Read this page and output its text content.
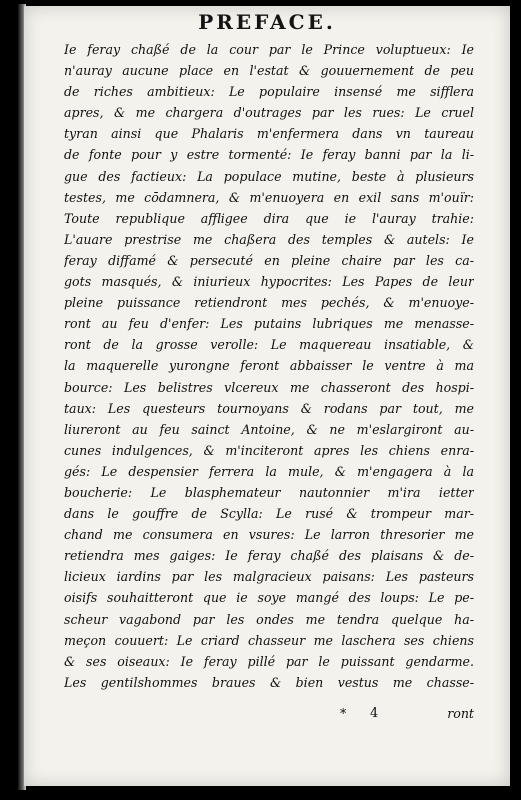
PREFACE.
Ie feray chaßé de la cour par le Prince voluptueux: Ie
n'auray aucune place en l'estat & gouuernement de peu
de riches ambitieux: Le populaire insensé me sifflera
apres, & me chargera d'outrages par les rues: Le cruel
tyran ainsi que Phalaris m'enfermera dans vn taureau
de fonte pour y estre tormenté: Ie feray banni par la li-
gue des factieux: La populace mutine, beste à plusieurs
testes, me cōdamnera, & m'enuoyera en exil sans m'ouïr:
Toute republique affligee dira que ie l'auray trahie:
L'auare prestrise me chaßera des temples & autels: Ie
feray diffamé & persecuté en pleine chaire par les ca-
gots masqués, & iniurieux hypocrites: Les Papes de leur
pleine puissance retiendront mes pechés, & m'enuoye-
ront au feu d'enfer: Les putains lubriques me menasse-
ront de la grosse verolle: Le maquereau insatiable, &
la maquerelle yurongne feront abbaisser le ventre à ma
bource: Les belistres vlcereux me chasseront des hospi-
taux: Les questeurs tournoyans & rodans par tout, me
liureront au feu sainct Antoine, & ne m'eslargiront au-
cunes indulgences, & m'inciteront apres les chiens enra-
gés: Le despensier ferrera la mule, & m'engagera à la
boucherie: Le blasphemateur nautonnier m'ira ietter
dans le gouffre de Scylla: Le rusé & trompeur mar-
chand me consumera en vsures: Le larron thresorier me
retiendra mes gaiges: Ie feray chaßé des plaisans & de-
licieux iardins par les malgracieux paisans: Les pasteurs
oisifs souhaitteront que ie soye mangé des loups: Le pe-
scheur vagabond par les ondes me tendra quelque ha-
meçon couuert: Le criard chasseur me laschera ses chiens
& ses oiseaux: Ie feray pillé par le puissant gendarme.
Les gentilshommes braues & bien vestus me chasse-
* 4	ront
